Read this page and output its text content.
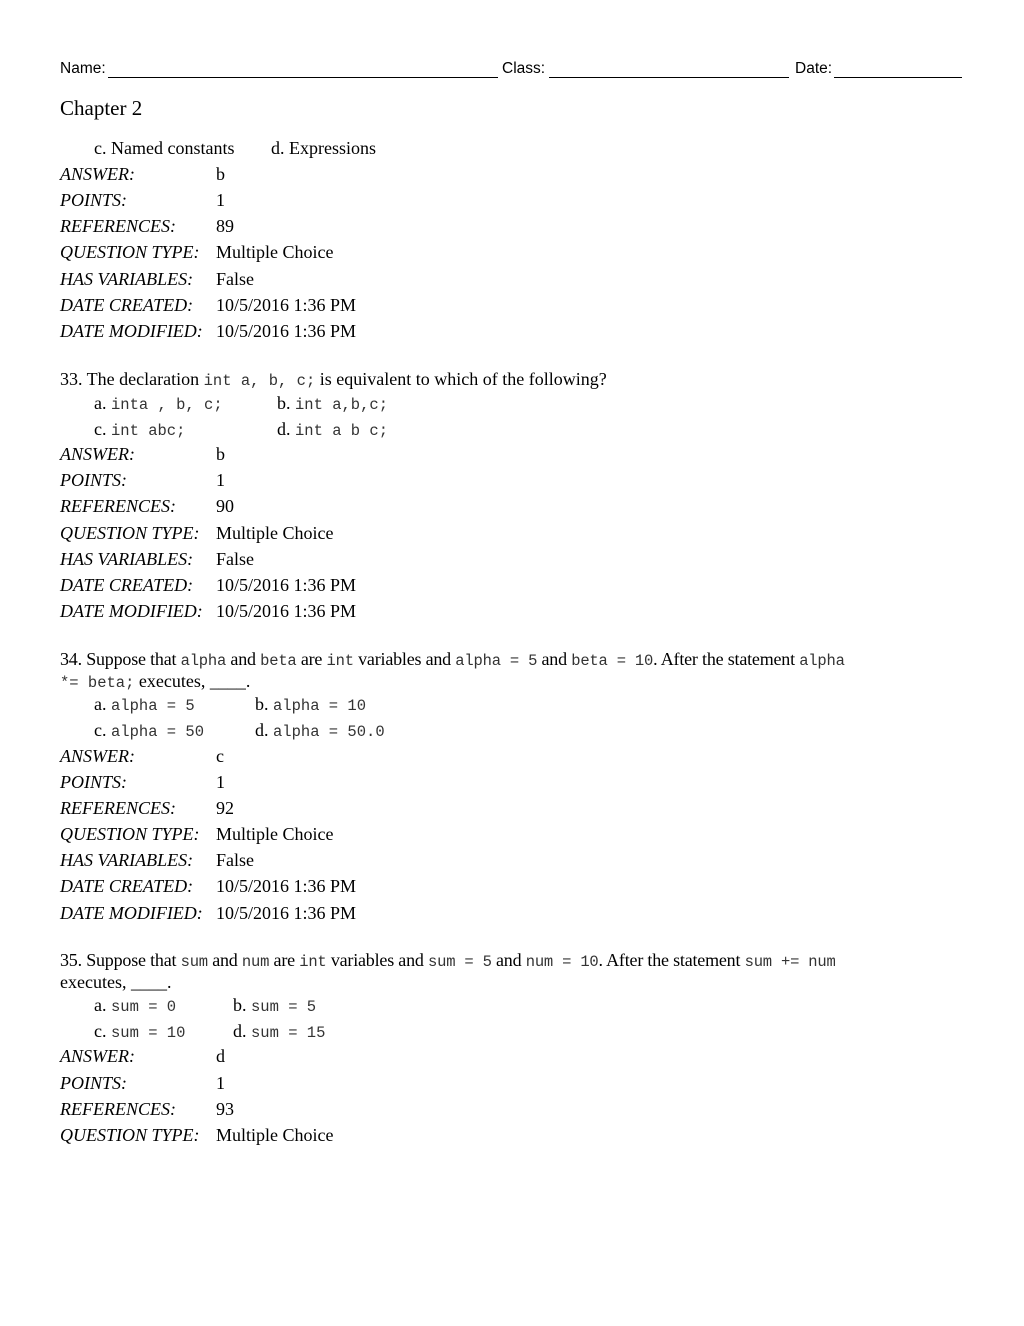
Name:	Class:	Date:
Chapter 2
c. Named constants d. Expressions
ANSWER:	b
POINTS:	1
REFERENCES: 89
QUESTION TYPE: Multiple Choice
HAS VARIABLES: False
DATE CREATED: 10/5/2016 1:36 PM
DATE MODIFIED: 10/5/2016 1:36 PM
33. The declaration int a, b, c; is equivalent to which of the following?
a. inta , b, c;	b. int a,b,c;
c. int abc;	d. int a b c;
ANSWER:	b
POINTS:	1
REFERENCES: 90
QUESTION TYPE: Multiple Choice
HAS VARIABLES: False
DATE CREATED: 10/5/2016 1:36 PM
DATE MODIFIED: 10/5/2016 1:36 PM
34. Suppose that alpha and beta are int variables and alpha = 5 and beta = 10. After the statement alpha
*= beta; executes, ____.
a. alpha = 5	b. alpha = 10
c. alpha = 50	d. alpha = 50.0
ANSWER:	c
POINTS:	1
REFERENCES: 92
QUESTION TYPE: Multiple Choice
HAS VARIABLES: False
DATE CREATED: 10/5/2016 1:36 PM
DATE MODIFIED: 10/5/2016 1:36 PM
35. Suppose that sum and num are int variables and sum = 5 and num = 10. After the statement sum += num
executes, ____.
a. sum = 0	b. sum = 5
c. sum = 10	d. sum = 15
ANSWER:	d
POINTS:	1
REFERENCES: 93
QUESTION TYPE: Multiple Choice
